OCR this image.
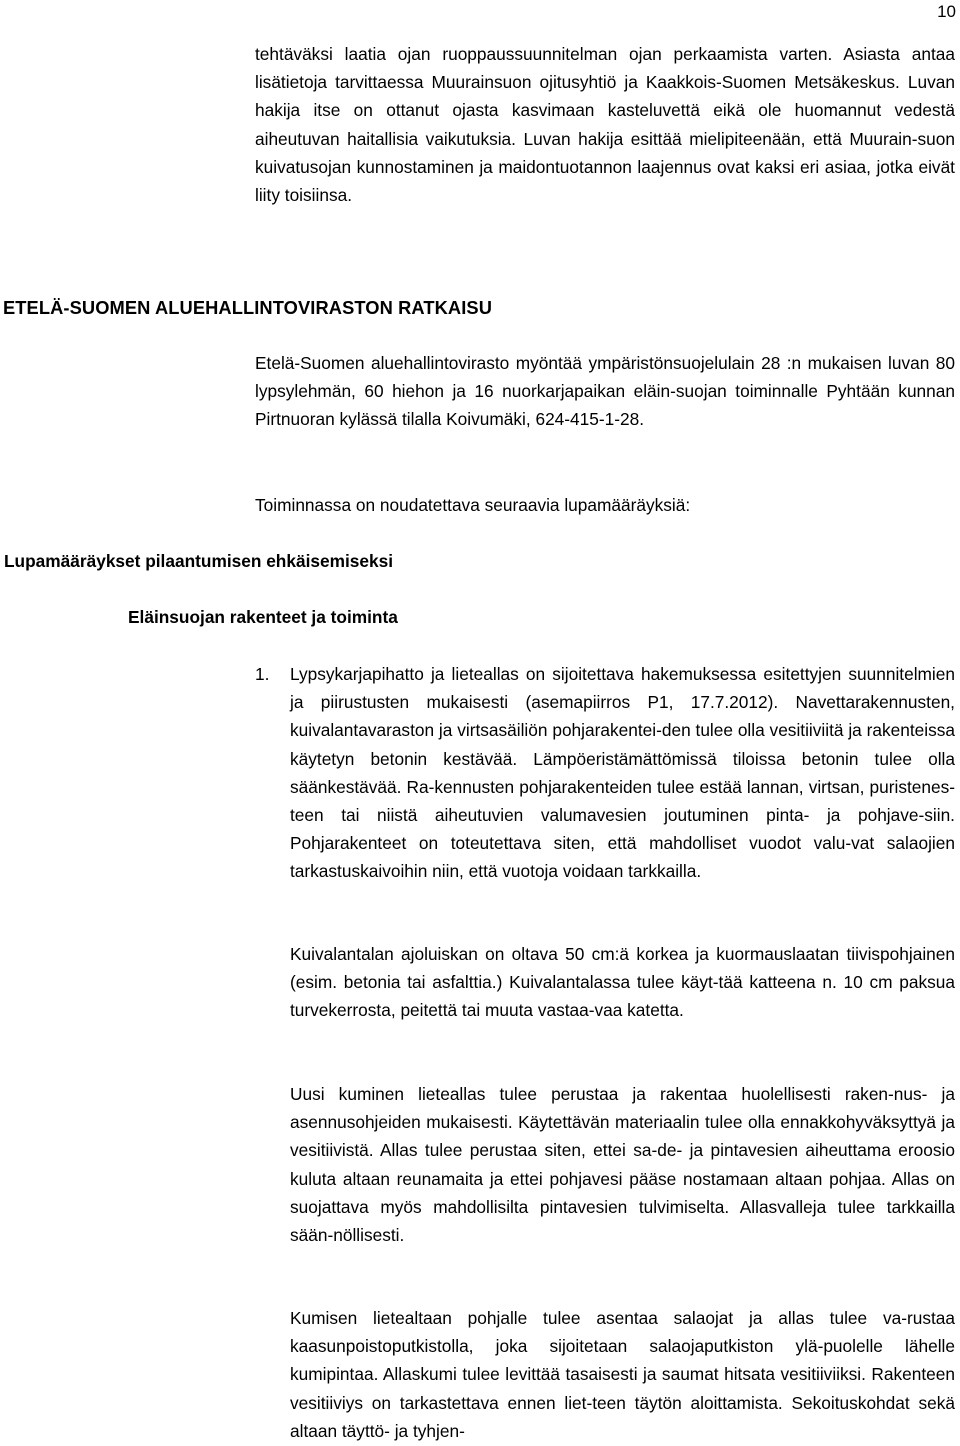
10

tehtäväksi laatia ojan ruoppaussuunnitelman ojan perkaamista varten. Asiasta antaa lisätietoja tarvittaessa Muurainsuon ojitusyhtiö ja Kaakkois-Suomen Metsäkeskus. Luvan hakija itse on ottanut ojasta kasvimaan kasteluvettä eikä ole huomannut vedestä aiheutuvan haitallisia vaikutuksia. Luvan hakija esittää mielipiteenään, että Muurain-suon kuivatusojan kunnostaminen ja maidontuotannon laajennus ovat kaksi eri asiaa, jotka eivät liity toisiinsa.

ETELÄ-SUOMEN ALUEHALLINTOVIRASTON RATKAISU

Etelä-Suomen aluehallintovirasto myöntää ympäristönsuojelulain 28 :n mukaisen luvan 80 lypsylehmän, 60 hiehon ja 16 nuorkarjapaikan eläin-suojan toiminnalle Pyhtään kunnan Pirtnuoran kylässä tilalla Koivumäki, 624-415-1-28.

Toiminnassa on noudatettava seuraavia lupamääräyksiä:

Lupamääräykset pilaantumisen ehkäisemiseksi
Eläinsuojan rakenteet ja toiminta
1. Lypsykarjapihatto ja lieteallas on sijoitettava hakemuksessa esitettyjen suunnitelmien ja piirustusten mukaisesti (asemapiirros P1, 17.7.2012). Navettarakennusten, kuivalantavaraston ja virtsasäiliön pohjarakentei-den tulee olla vesitiiviitä ja rakenteissa käytetyn betonin kestävää. Lämpöeristämättömissä tiloissa betonin tulee olla säänkestävää. Ra-kennusten pohjarakenteiden tulee estää lannan, virtsan, puristenes-teen tai niistä aiheutuvien valumavesien joutuminen pinta- ja pohjave-siin. Pohjarakenteet on toteutettava siten, että mahdolliset vuodot valu-vat salaojien tarkastuskaivoihin niin, että vuotoja voidaan tarkkailla.

Kuivalantalan ajoluiskan on oltava 50 cm:ä korkea ja kuormauslaatan tiivispohjainen (esim. betonia tai asfalttia.) Kuivalantalassa tulee käyt-tää katteena n. 10 cm paksua turvekerrosta, peitettä tai muuta vastaa-vaa katetta.

Uusi kuminen lieteallas tulee perustaa ja rakentaa huolellisesti raken-nus- ja asennusohjeiden mukaisesti. Käytettävän materiaalin tulee olla ennakkohyväksyttyä ja vesitiivistä. Allas tulee perustaa siten, ettei sa-de- ja pintavesien aiheuttama eroosio kuluta altaan reunamaita ja ettei pohjavesi pääse nostamaan altaan pohjaa. Allas on suojattava myös mahdollisilta pintavesien tulvimiselta. Allasvalleja tulee tarkkailla sään-nöllisesti.

Kumisen lietealtaan pohjalle tulee asentaa salaojat ja allas tulee va-rustaa kaasunpoistoputkistolla, joka sijoitetaan salaojaputkiston ylä-puolelle lähelle kumipintaa. Allaskumi tulee levittää tasaisesti ja saumat hitsata vesitiiviiksi. Rakenteen vesitiiviys on tarkastettava ennen liet-teen täytön aloittamista. Sekoituskohdat sekä altaan täyttö- ja tyhjen-
